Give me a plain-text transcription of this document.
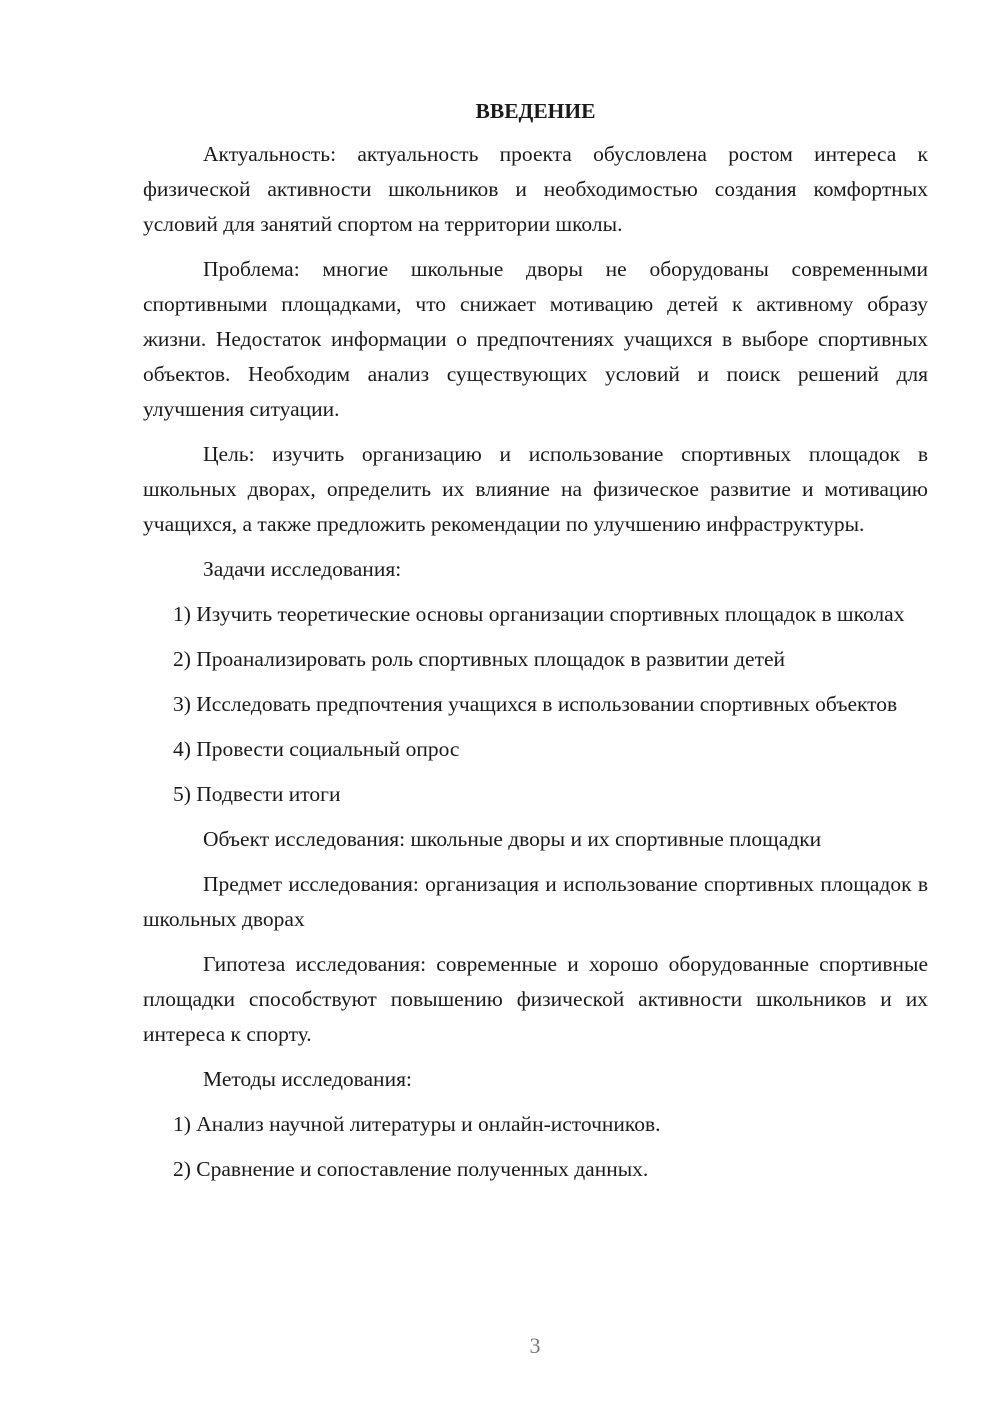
ВВЕДЕНИЕ

Актуальность: актуальность проекта обусловлена ростом интереса к физической активности школьников и необходимостью создания комфортных условий для занятий спортом на территории школы.

Проблема: многие школьные дворы не оборудованы современными спортивными площадками, что снижает мотивацию детей к активному образу жизни. Недостаток информации о предпочтениях учащихся в выборе спортивных объектов. Необходим анализ существующих условий и поиск решений для улучшения ситуации.

Цель: изучить организацию и использование спортивных площадок в школьных дворах, определить их влияние на физическое развитие и мотивацию учащихся, а также предложить рекомендации по улучшению инфраструктуры.

Задачи исследования:

1) Изучить теоретические основы организации спортивных площадок в школах

2) Проанализировать роль спортивных площадок в развитии детей

3) Исследовать предпочтения учащихся в использовании спортивных объектов

4) Провести социальный опрос

5) Подвести итоги

Объект исследования: школьные дворы и их спортивные площадки

Предмет исследования: организация и использование спортивных площадок в школьных дворах

Гипотеза исследования: современные и хорошо оборудованные спортивные площадки способствуют повышению физической активности школьников и их интереса к спорту.

Методы исследования:

1) Анализ научной литературы и онлайн-источников.

2) Сравнение и сопоставление полученных данных.

3
